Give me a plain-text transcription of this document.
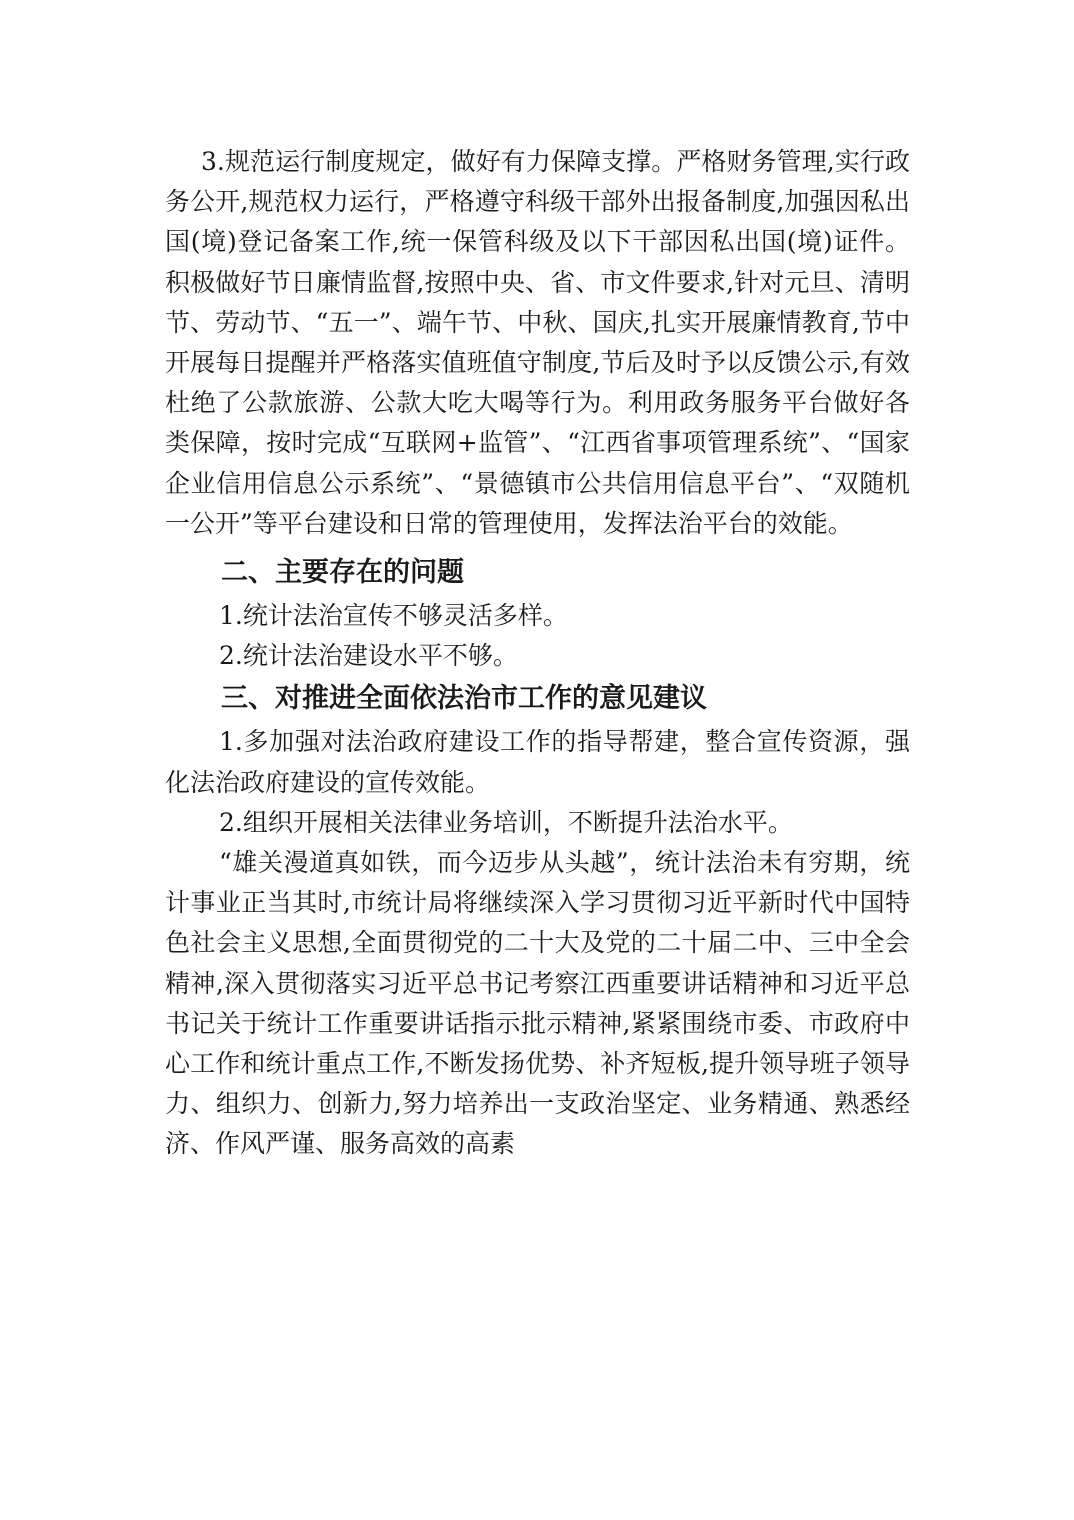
3.规范运行制度规定，做好有力保障支撑。严格财务管理,实行政务公开,规范权力运行，严格遵守科级干部外出报备制度,加强因私出国(境)登记备案工作,统一保管科级及以下干部因私出国(境)证件。积极做好节日廉情监督,按照中央、省、市文件要求,针对元旦、清明节、劳动节、“五一”、端午节、中秋、国庆,扎实开展廉情教育,节中开展每日提醒并严格落实值班值守制度,节后及时予以反馈公示,有效杜绝了公款旅游、公款大吃大喝等行为。利用政务服务平台做好各类保障，按时完成“互联网+监管”、“江西省事项管理系统”、“国家企业信用信息公示系统”、“景德镇市公共信用信息平台”、“双随机一公开”等平台建设和日常的管理使用，发挥法治平台的效能。

二、主要存在的问题

1.统计法治宣传不够灵活多样。

2.统计法治建设水平不够。

三、对推进全面依法治市工作的意见建议

1.多加强对法治政府建设工作的指导帮建，整合宣传资源，强化法治政府建设的宣传效能。

2.组织开展相关法律业务培训，不断提升法治水平。

“雄关漫道真如铁，而今迈步从头越”，统计法治未有穷期，统计事业正当其时,市统计局将继续深入学习贯彻习近平新时代中国特色社会主义思想,全面贯彻党的二十大及党的二十届二中、三中全会精神,深入贯彻落实习近平总书记考察江西重要讲话精神和习近平总书记关于统计工作重要讲话指示批示精神,紧紧围绕市委、市政府中心工作和统计重点工作,不断发扬优势、补齐短板,提升领导班子领导力、组织力、创新力,努力培养出一支政治坚定、业务精通、熟悉经济、作风严谨、服务高效的高素
